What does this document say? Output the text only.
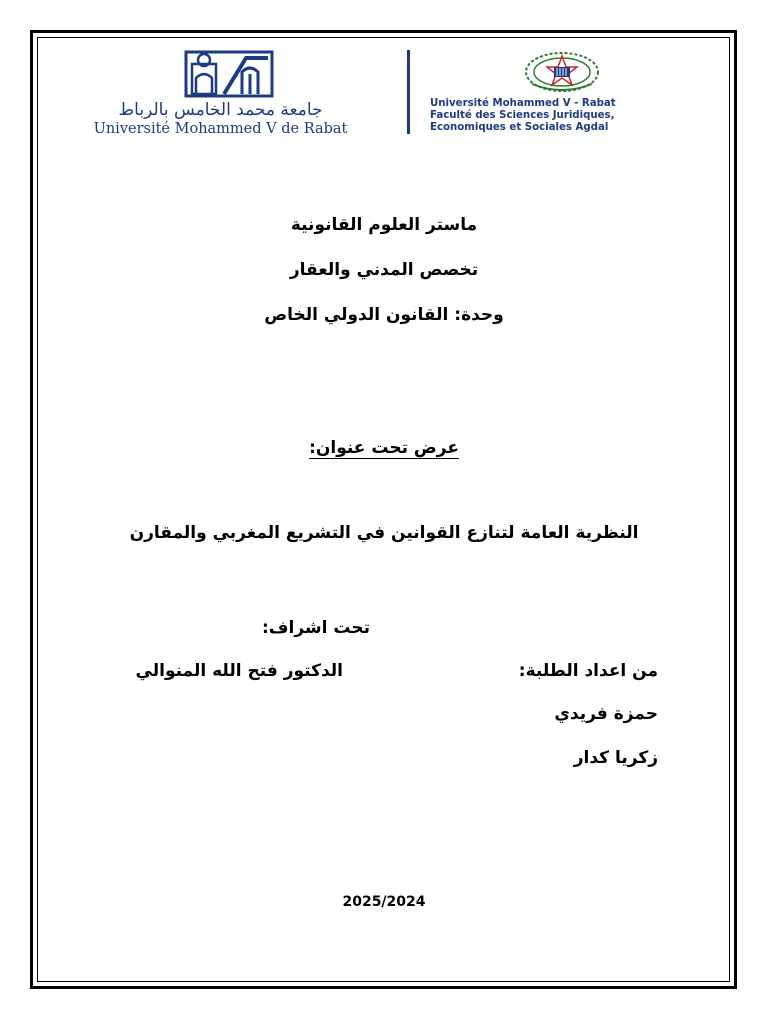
جامعة محمد الخامس بالرباط
Université Mohammed V de Rabat
Université Mohammed V - Rabat
Faculté des Sciences Juridiques,
Economiques et Sociales Agdal
ماستر العلوم القانونية
تخصص المدني والعقار
وحدة: القانون الدولي الخاص
عرض تحت عنوان:
النظرية العامة لتنازع القوانين في التشريع المغربي والمقارن
تحت اشراف:
الدكتور فتح الله المنوالي	من اعداد الطلبة:
حمزة فريدي
زكريا كدار
2025/2024
